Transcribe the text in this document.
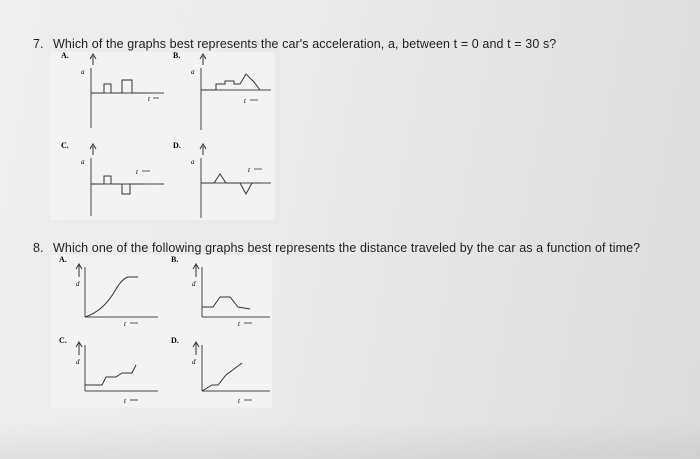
7. Which of the graphs best represents the car's acceleration, a, between t = 0 and t = 30 s?
A.
a
t
B.
a
t
C.
a
t
D.
a
t
8. Which one of the following graphs best represents the distance traveled by the car as a function of time?
A.
d
t
B.
d
t
C.
d
t
D.
d
t
